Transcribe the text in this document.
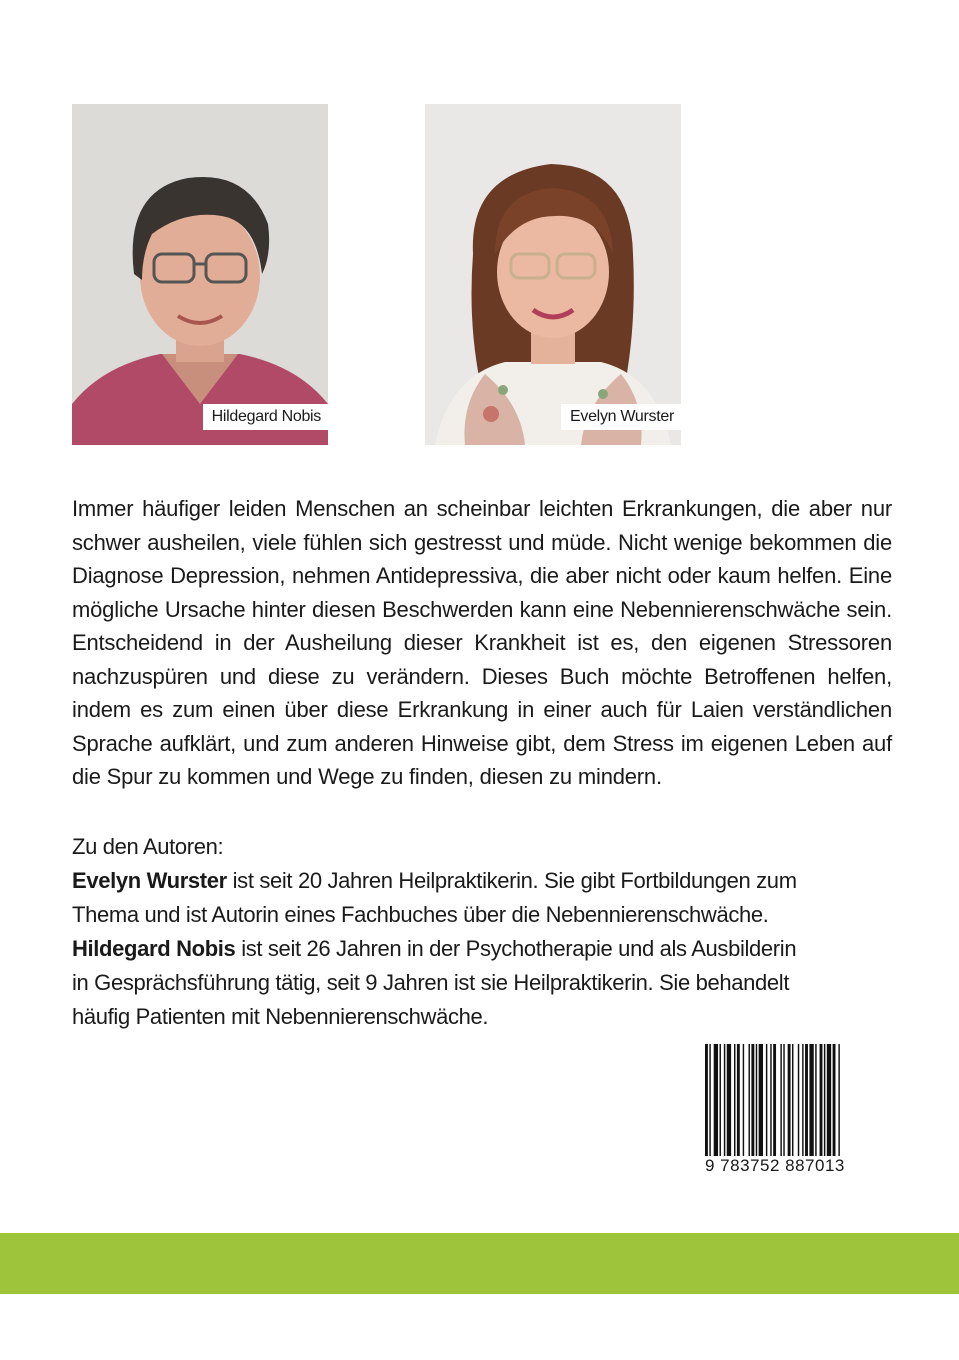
Hildegard Nobis	Evelyn Wurster

Immer häufiger leiden Menschen an scheinbar leichten Erkrankungen, die aber nur schwer ausheilen, viele fühlen sich gestresst und müde. Nicht wenige bekommen die Diagnose Depression, nehmen Antidepressiva, die aber nicht oder kaum helfen. Eine mögliche Ursache hinter diesen Beschwerden kann eine Nebennierenschwäche sein. Entscheidend in der Ausheilung dieser Krankheit ist es, den eigenen Stressoren nachzuspüren und diese zu verändern. Dieses Buch möchte Betroffenen helfen, indem es zum einen über diese Erkrankung in einer auch für Laien verständlichen Sprache aufklärt, und zum anderen Hinweise gibt, dem Stress im eigenen Leben auf die Spur zu kommen und Wege zu finden, diesen zu mindern.

Zu den Autoren:
Evelyn Wurster ist seit 20 Jahren Heilpraktikerin. Sie gibt Fortbildungen zum
Thema und ist Autorin eines Fachbuches über die Nebennierenschwäche.
Hildegard Nobis ist seit 26 Jahren in der Psychotherapie und als Ausbilderin
in Gesprächsführung tätig, seit 9 Jahren ist sie Heilpraktikerin. Sie behandelt
häufig Patienten mit Nebennierenschwäche.
9 783752 887013
